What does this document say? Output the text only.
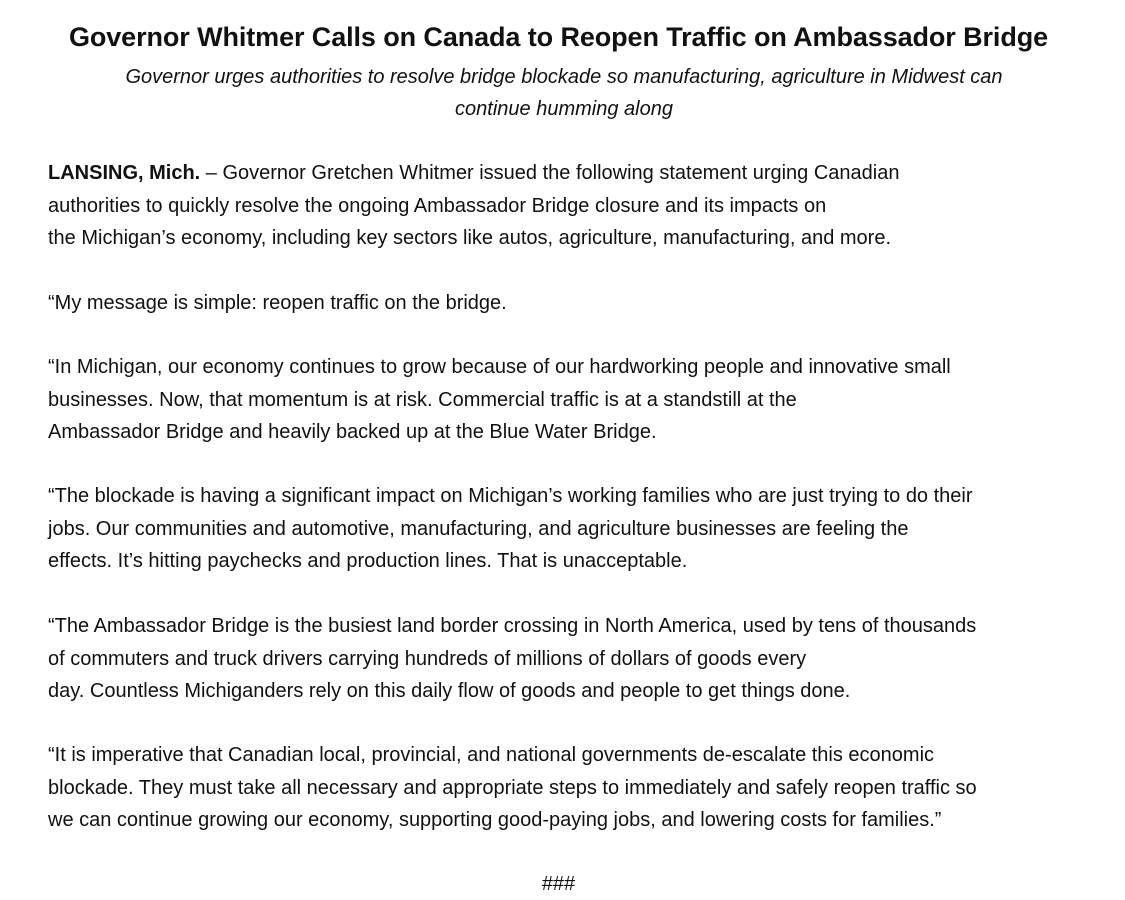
Governor Whitmer Calls on Canada to Reopen Traffic on Ambassador Bridge
Governor urges authorities to resolve bridge blockade so manufacturing, agriculture in Midwest can
continue humming along
LANSING, Mich. – Governor Gretchen Whitmer issued the following statement urging Canadian
authorities to quickly resolve the ongoing Ambassador Bridge closure and its impacts on
the Michigan’s economy, including key sectors like autos, agriculture, manufacturing, and more.
“My message is simple: reopen traffic on the bridge.
“In Michigan, our economy continues to grow because of our hardworking people and innovative small
businesses. Now, that momentum is at risk. Commercial traffic is at a standstill at the
Ambassador Bridge and heavily backed up at the Blue Water Bridge.
“The blockade is having a significant impact on Michigan’s working families who are just trying to do their
jobs. Our communities and automotive, manufacturing, and agriculture businesses are feeling the
effects. It’s hitting paychecks and production lines. That is unacceptable.
“The Ambassador Bridge is the busiest land border crossing in North America, used by tens of thousands
of commuters and truck drivers carrying hundreds of millions of dollars of goods every
day. Countless Michiganders rely on this daily flow of goods and people to get things done.
“It is imperative that Canadian local, provincial, and national governments de-escalate this economic
blockade. They must take all necessary and appropriate steps to immediately and safely reopen traffic so
we can continue growing our economy, supporting good-paying jobs, and lowering costs for families.”
###
